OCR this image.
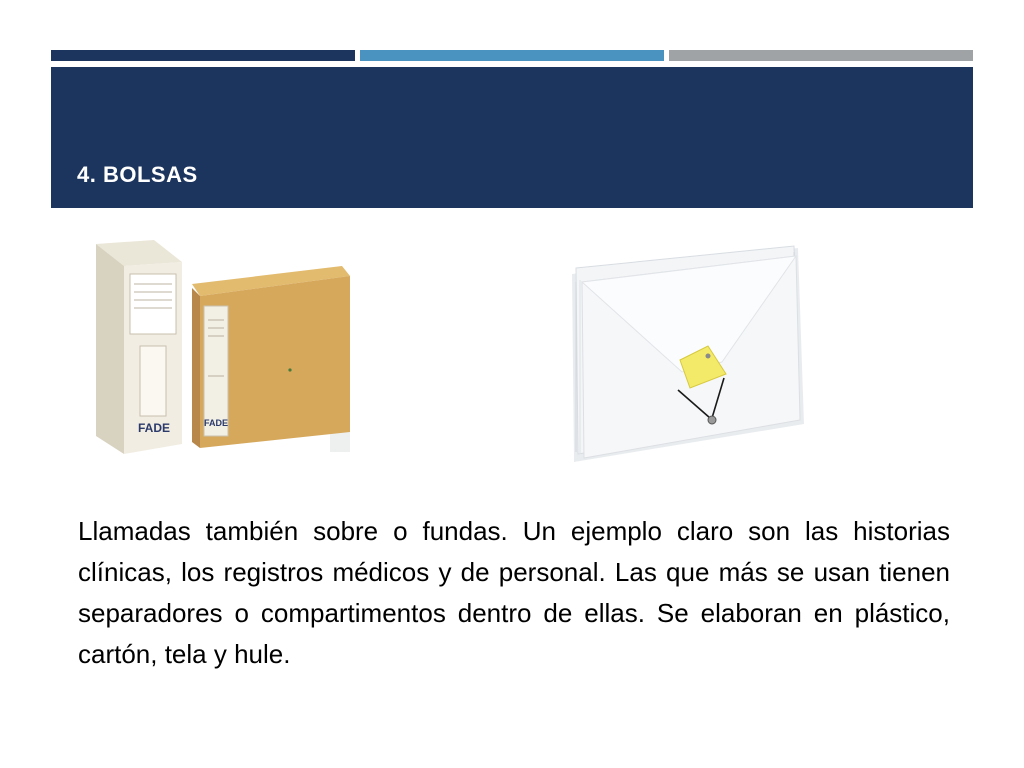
4. BOLSAS
FADE
FADE

Llamadas también sobre o fundas. Un ejemplo claro son las historias clínicas, los registros médicos y de personal. Las que más se usan tienen separadores o compartimentos dentro de ellas. Se elaboran en plástico, cartón, tela y hule.
